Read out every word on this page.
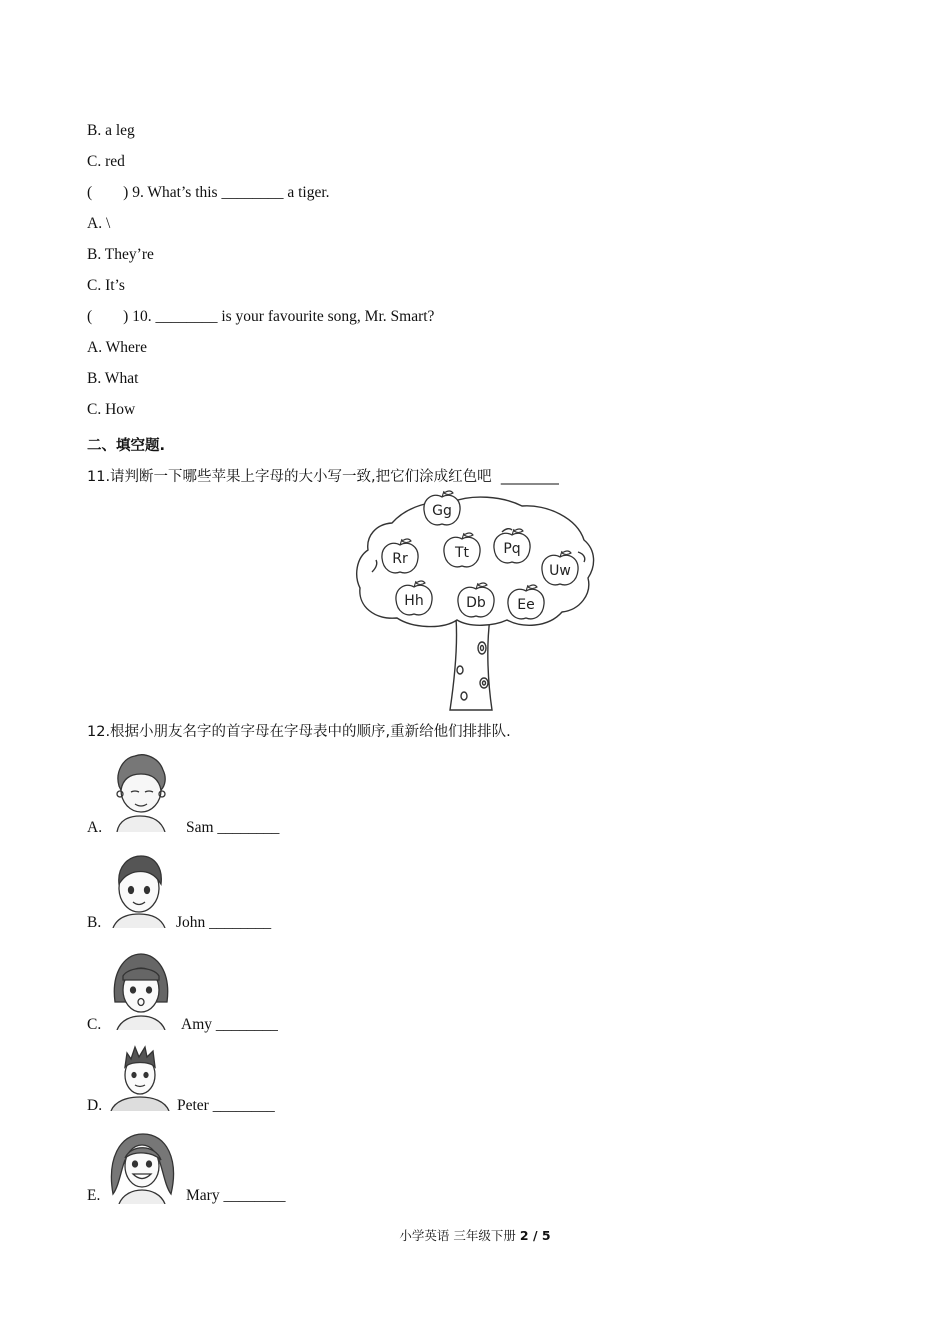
B. a leg
C. red
(        ) 9. What’s this ________ a tiger.
A. \
B. They’re
C. It’s
(        ) 10. ________ is your favourite song, Mr. Smart?
A. Where
B. What
C. How
二、填空题.
11.请判断一下哪些苹果上字母的大小写一致,把它们涂成红色吧  ________
Gg
Rr	Tt Pq
Uw
Hh	Db Ee
12.根据小朋友名字的首字母在字母表中的顺序,重新给他们排排队.
A.	Sam ________
B.	John ________
C.	Amy ________
D.	Peter ________
E.	Mary ________
小学英语 三年级下册 2 / 5
